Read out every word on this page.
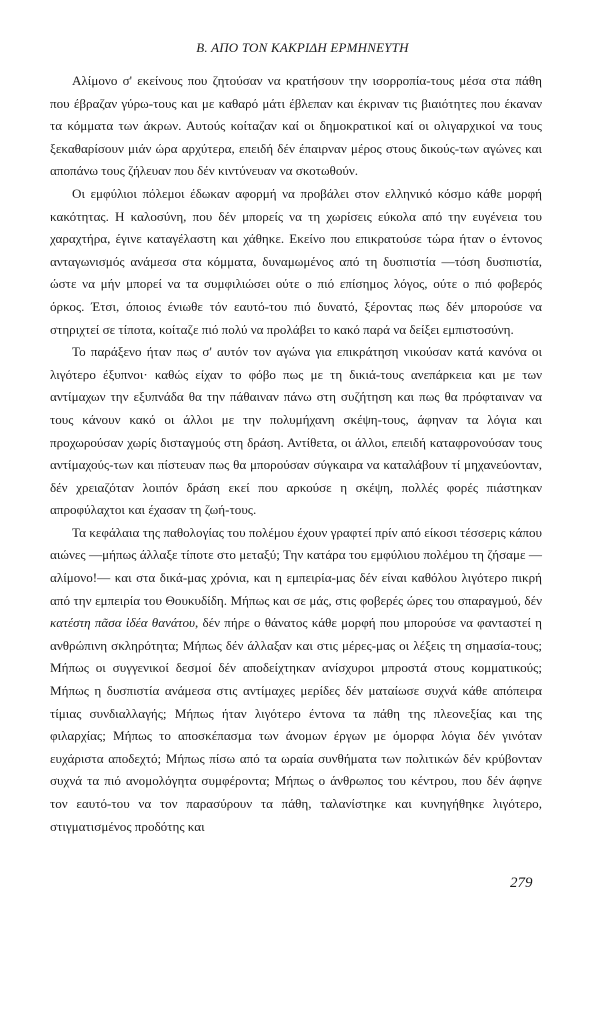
Β. ΑΠΟ ΤΟΝ ΚΑΚΡΙΔΗ ΕΡΜΗΝΕΥΤΗ

Αλίμονο σ' εκείνους που ζητούσαν να κρατήσουν την ισορροπία-τους μέσα στα πάθη που έβραζαν γύρω-τους και με καθαρό μάτι έβλεπαν και έκριναν τις βιαιότητες που έκαναν τα κόμματα των άκρων. Αυτούς κοίταζαν καί οι δημοκρατικοί καί οι ολιγαρχικοί να τους ξεκαθαρίσουν μιάν ώρα αρχύτερα, επειδή δέν έπαιρναν μέρος στους δικούς-των αγώνες και αποπάνω τους ζήλευαν που δέν κιντύνευαν να σκοτωθούν.

Οι εμφύλιοι πόλεμοι έδωκαν αφορμή να προβάλει στον ελληνικό κόσμο κάθε μορφή κακότητας. Η καλοσύνη, που δέν μπορείς να τη χωρίσεις εύκολα από την ευγένεια του χαραχτήρα, έγινε καταγέλαστη και χάθηκε. Εκείνο που επικρατούσε τώρα ήταν ο έντονος ανταγωνισμός ανάμεσα στα κόμματα, δυναμωμένος από τη δυσπιστία —τόση δυσπιστία, ώστε να μήν μπορεί να τα συμφιλιώσει ούτε ο πιό επίσημος λόγος, ούτε ο πιό φοβερός όρκος. Έτσι, όποιος ένιωθε τόν εαυτό-του πιό δυνατό, ξέροντας πως δέν μπορούσε να στηριχτεί σε τίποτα, κοίταζε πιό πολύ να προλάβει το κακό παρά να δείξει εμπιστοσύνη.

Το παράξενο ήταν πως σ' αυτόν τον αγώνα για επικράτηση νικούσαν κατά κανόνα οι λιγότερο έξυπνοι· καθώς είχαν το φόβο πως με τη δικιά-τους ανεπάρκεια και με των αντίμαχων την εξυπνάδα θα την πάθαιναν πάνω στη συζήτηση και πως θα πρόφταιναν να τους κάνουν κακό οι άλλοι με την πολυμήχανη σκέψη-τους, άφηναν τα λόγια και προχωρούσαν χωρίς δισταγμούς στη δράση. Αντίθετα, οι άλλοι, επειδή καταφρονούσαν τους αντίμαχούς-των και πίστευαν πως θα μπορούσαν σύγκαιρα να καταλάβουν τί μηχανεύονταν, δέν χρειαζόταν λοιπόν δράση εκεί που αρκούσε η σκέψη, πολλές φορές πιάστηκαν απροφύλαχτοι και έχασαν τη ζωή-τους.

Τα κεφάλαια της παθολογίας του πολέμου έχουν γραφτεί πρίν από είκοσι τέσσερις κάπου αιώνες —μήπως άλλαξε τίποτε στο μεταξύ; Την κατάρα του εμφύλιου πολέμου τη ζήσαμε —αλίμονο!— και στα δικά-μας χρόνια, και η εμπειρία-μας δέν είναι καθόλου λιγότερο πικρή από την εμπειρία του Θουκυδίδη. Μήπως και σε μάς, στις φοβερές ώρες του σπαραγμού, δέν κατέστη πᾶσα ἰδέα θανάτου, δέν πήρε ο θάνατος κάθε μορφή που μπορούσε να φανταστεί η ανθρώπινη σκληρότητα; Μήπως δέν άλλαξαν και στις μέρες-μας οι λέξεις τη σημασία-τους; Μήπως οι συγγενικοί δεσμοί δέν αποδείχτηκαν ανίσχυροι μπροστά στους κομματικούς; Μήπως η δυσπιστία ανάμεσα στις αντίμαχες μερίδες δέν ματαίωσε συχνά κάθε απόπειρα τίμιας συνδιαλλαγής; Μήπως ήταν λιγότερο έντονα τα πάθη της πλεονεξίας και της φιλαρχίας; Μήπως το αποσκέπασμα των άνομων έργων με όμορφα λόγια δέν γινόταν ευχάριστα αποδεχτό; Μήπως πίσω από τα ωραία συνθήματα των πολιτικών δέν κρύβονταν συχνά τα πιό ανομολόγητα συμφέροντα; Μήπως ο άνθρωπος του κέντρου, που δέν άφηνε τον εαυτό-του να τον παρασύρουν τα πάθη, ταλανίστηκε και κυνηγήθηκε λιγότερο, στιγματισμένος προδότης και

279
